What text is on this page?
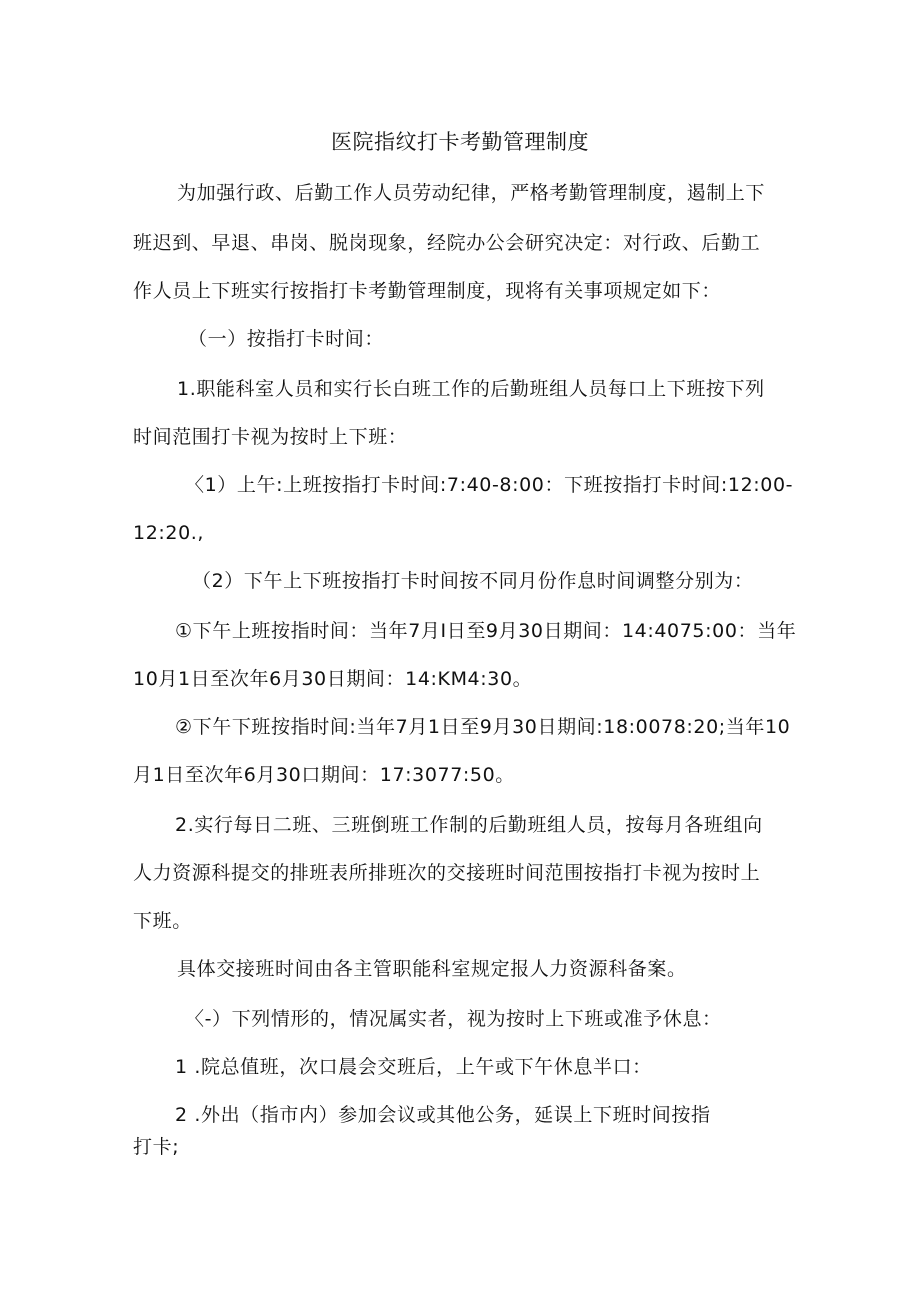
医院指纹打卡考勤管理制度

为加强行政、后勤工作人员劳动纪律，严格考勤管理制度，遏制上下

班迟到、早退、串岗、脱岗现象，经院办公会研究决定：对行政、后勤工

作人员上下班实行按指打卡考勤管理制度，现将有关事项规定如下：

（一）按指打卡时间：

1.职能科室人员和实行长白班工作的后勤班组人员每口上下班按下列

时间范围打卡视为按时上下班：

〈1）上午:上班按指打卡时间:7:40-8:00：下班按指打卡时间:12:00-

12:20.,

（2）下午上下班按指打卡时间按不同月份作息时间调整分别为：

①下午上班按指时间：当年7月I日至9月30日期间：14:4075:00：当年

10月1日至次年6月30日期间：14:KM4:30。

②下午下班按指时间:当年7月1日至9月30日期间:18:0078:20;当年10

月1日至次年6月30口期间：17:3077:50。

2.实行每日二班、三班倒班工作制的后勤班组人员，按每月各班组向

人力资源科提交的排班表所排班次的交接班时间范围按指打卡视为按时上

下班。

具体交接班时间由各主管职能科室规定报人力资源科备案。

〈-）下列情形的，情况属实者，视为按时上下班或准予休息：

1 .院总值班，次口晨会交班后，上午或下午休息半口：

2 .外出（指市内）参加会议或其他公务，延误上下班时间按指

打卡;
